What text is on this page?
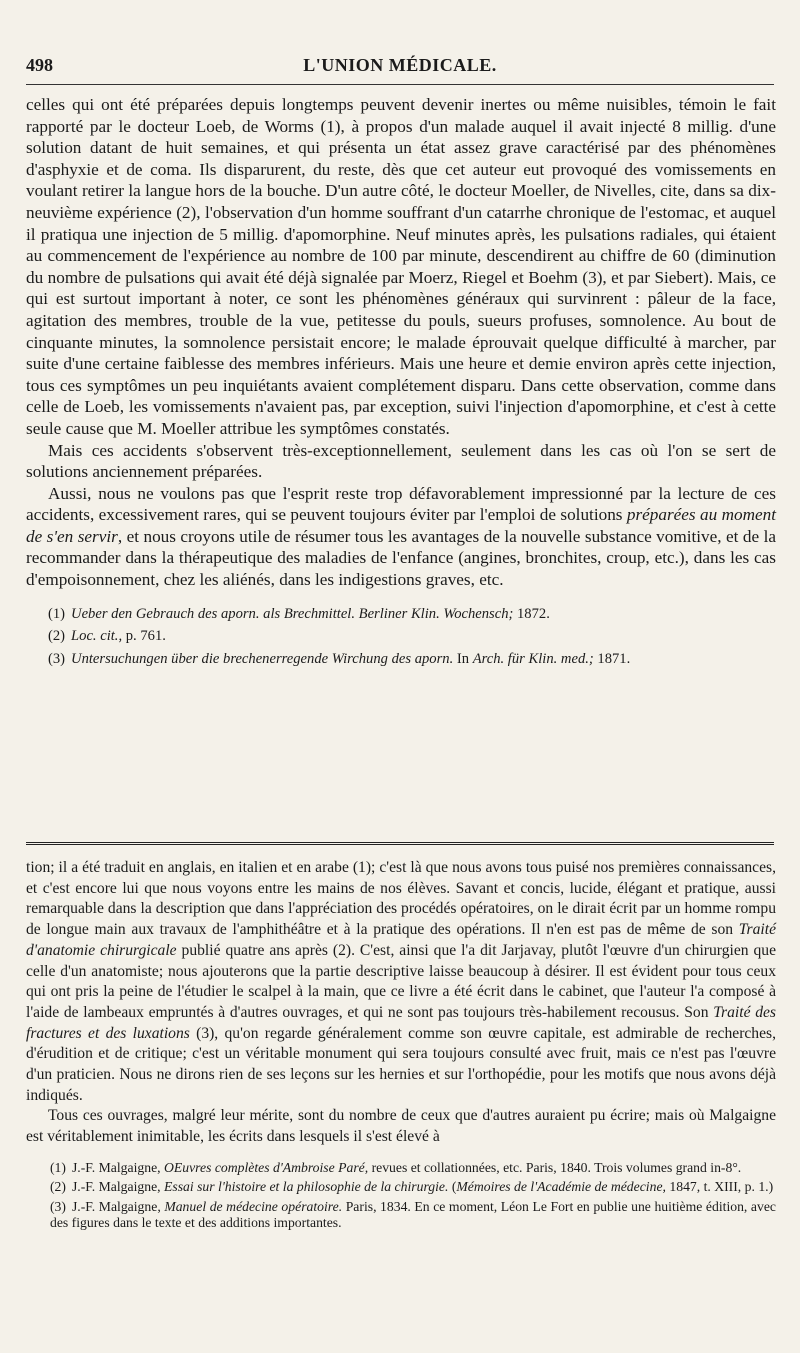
498	L'UNION MÉDICALE.

celles qui ont été préparées depuis longtemps peuvent devenir inertes ou même nuisibles, témoin le fait rapporté par le docteur Loeb, de Worms (1), à propos d'un malade auquel il avait injecté 8 millig. d'une solution datant de huit semaines, et qui présenta un état assez grave caractérisé par des phénomènes d'asphyxie et de coma. Ils disparurent, du reste, dès que cet auteur eut provoqué des vomissements en voulant retirer la langue hors de la bouche. D'un autre côté, le docteur Moeller, de Nivelles, cite, dans sa dix-neuvième expérience (2), l'observation d'un homme souffrant d'un catarrhe chronique de l'estomac, et auquel il pratiqua une injection de 5 millig. d'apomorphine. Neuf minutes après, les pulsations radiales, qui étaient au commencement de l'expérience au nombre de 100 par minute, descendirent au chiffre de 60 (diminution du nombre de pulsations qui avait été déjà signalée par Moerz, Riegel et Boehm (3), et par Siebert). Mais, ce qui est surtout important à noter, ce sont les phénomènes généraux qui survinrent : pâleur de la face, agitation des membres, trouble de la vue, petitesse du pouls, sueurs profuses, somnolence. Au bout de cinquante minutes, la somnolence persistait encore; le malade éprouvait quelque difficulté à marcher, par suite d'une certaine faiblesse des membres inférieurs. Mais une heure et demie environ après cette injection, tous ces symptômes un peu inquiétants avaient complétement disparu. Dans cette observation, comme dans celle de Loeb, les vomissements n'avaient pas, par exception, suivi l'injection d'apomorphine, et c'est à cette seule cause que M. Moeller attribue les symptômes constatés.

Mais ces accidents s'observent très-exceptionnellement, seulement dans les cas où l'on se sert de solutions anciennement préparées.

Aussi, nous ne voulons pas que l'esprit reste trop défavorablement impressionné par la lecture de ces accidents, excessivement rares, qui se peuvent toujours éviter par l'emploi de solutions préparées au moment de s'en servir, et nous croyons utile de résumer tous les avantages de la nouvelle substance vomitive, et de la recommander dans la thérapeutique des maladies de l'enfance (angines, bronchites, croup, etc.), dans les cas d'empoisonnement, chez les aliénés, dans les indigestions graves, etc.

(1) Ueber den Gebrauch des aporn. als Brechmittel. Berliner Klin. Wochensch; 1872.

(2) Loc. cit., p. 761.

(3) Untersuchungen über die brechenerregende Wirchung des aporn. In Arch. für Klin. med.; 1871.

tion; il a été traduit en anglais, en italien et en arabe (1); c'est là que nous avons tous puisé nos premières connaissances, et c'est encore lui que nous voyons entre les mains de nos élèves. Savant et concis, lucide, élégant et pratique, aussi remarquable dans la description que dans l'appréciation des procédés opératoires, on le dirait écrit par un homme rompu de longue main aux travaux de l'amphithéâtre et à la pratique des opérations. Il n'en est pas de même de son Traité d'anatomie chirurgicale publié quatre ans après (2). C'est, ainsi que l'a dit Jarjavay, plutôt l'œuvre d'un chirurgien que celle d'un anatomiste; nous ajouterons que la partie descriptive laisse beaucoup à désirer. Il est évident pour tous ceux qui ont pris la peine de l'étudier le scalpel à la main, que ce livre a été écrit dans le cabinet, que l'auteur l'a composé à l'aide de lambeaux empruntés à d'autres ouvrages, et qui ne sont pas toujours très-habilement recousus. Son Traité des fractures et des luxations (3), qu'on regarde généralement comme son œuvre capitale, est admirable de recherches, d'érudition et de critique; c'est un véritable monument qui sera toujours consulté avec fruit, mais ce n'est pas l'œuvre d'un praticien. Nous ne dirons rien de ses leçons sur les hernies et sur l'orthopédie, pour les motifs que nous avons déjà indiqués.

Tous ces ouvrages, malgré leur mérite, sont du nombre de ceux que d'autres auraient pu écrire; mais où Malgaigne est véritablement inimitable, les écrits dans lesquels il s'est élevé à

(1) J.-F. Malgaigne, OEuvres complètes d'Ambroise Paré, revues et collationnées, etc. Paris, 1840. Trois volumes grand in-8°.

(2) J.-F. Malgaigne, Essai sur l'histoire et la philosophie de la chirurgie. (Mémoires de l'Académie de médecine, 1847, t. XIII, p. 1.)

(3) J.-F. Malgaigne, Manuel de médecine opératoire. Paris, 1834. En ce moment, Léon Le Fort en publie une huitième édition, avec des figures dans le texte et des additions importantes.
